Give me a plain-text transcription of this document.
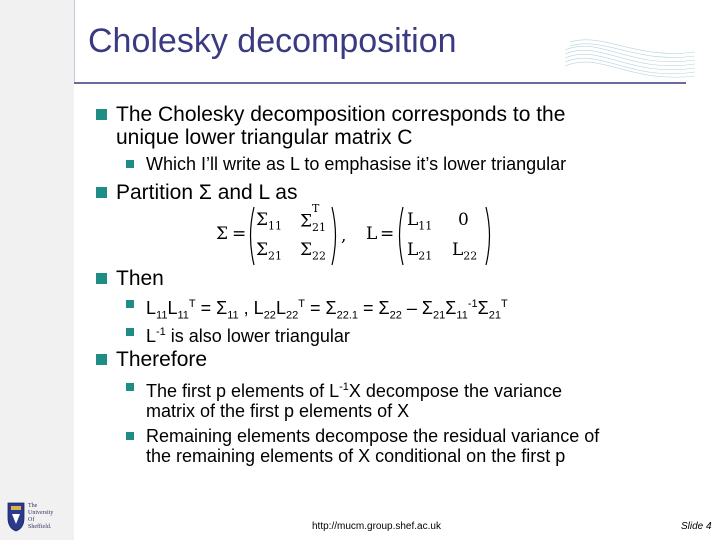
Cholesky decomposition
The Cholesky decomposition corresponds to the
unique lower triangular matrix C
Which I’ll write as L to emphasise it’s lower triangular
Partition Σ and L as
Σ =
$\Sigma_{11}$ $\Sigma_{21}^T$
$\Sigma_{21}$ $\Sigma_{22}$
, L =
$L_{11}$ 0
$L_{21}$ $L_{22}$
Then
$L_{11}L_{11}^T = \Sigma_{11}$ , $L_{22}L_{22}^T = \Sigma_{22.1} = \Sigma_{22} - \Sigma_{21}\Sigma_{11}^{-1}\Sigma_{21}^T$
$L^{-1}$ is also lower triangular
Therefore
The first p elements of $L^{-1}X$ decompose the variance
matrix of the first p elements of X
Remaining elements decompose the residual variance of
the remaining elements of X conditional on the first p
The
University
Of
Sheffield.	http://mucm.group.shef.ac.uk	Slide 4
